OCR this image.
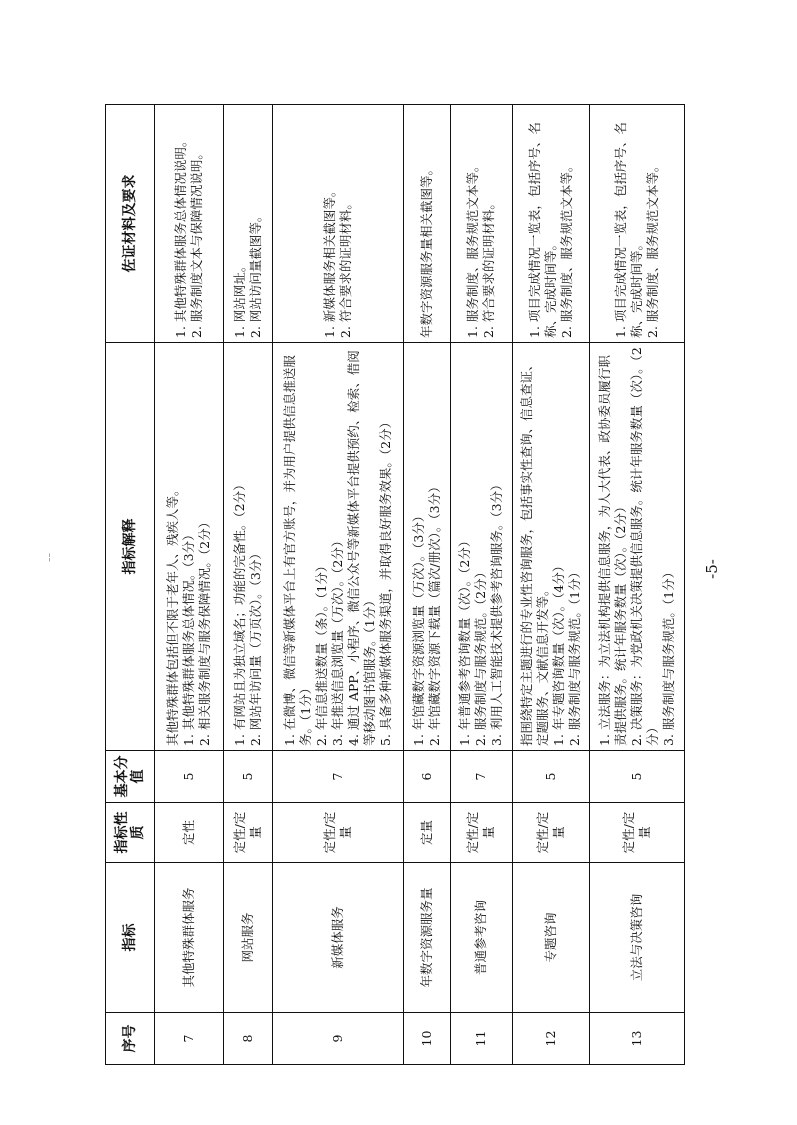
¦
序号	指标	指标性质	基本分值	指标解释	佐证材料及要求
7	其他特殊群体服务	定性	5	其他特殊群体包括但不限于老年人、残疾人等。 1. 其他特殊群体服务总体情况。（3分） 2. 相关服务制度与服务保障情况。（2分）	1. 其他特殊群体服务总体情况说明。 2. 服务制度文本与保障情况说明。

8	网站服务	定性/定量	5	1. 有网站且为独立域名；功能的完备性。（2分） 2. 网站年访问量（万页次）。（3分）	1. 网站网址。 2. 网站访问量截图等。

9	新媒体服务	定性/定量	7	1. 在微博、微信等新媒体平台上有官方账号，并为用户提供信息推送服务。（1分） 2. 年信息推送数量（条）。（1分） 3. 年推送信息浏览量（万次）。（2分） 4. 通过 APP、小程序、微信公众号等新媒体平台提供预约、检索、借阅等移动图书馆服务。（1分） 5. 具备多种新媒体服务渠道，并取得良好服务效果。（2分）	1. 新媒体服务相关截图等。 2. 符合要求的证明材料。

10	年数字资源服务量	定量	6	1. 年馆藏数字资源浏览量（万次）。（3分） 2. 年馆藏数字资源下载量（篇次/册次）。（3分）	年数字资源服务量相关截图等。

11	普通参考咨询	定性/定量	7	1. 年普通参考咨询数量（次）。（2分） 2. 服务制度与服务规范。（2分） 3. 利用人工智能技术提供参考咨询服务。（3分）	1. 服务制度、服务规范文本等。 2. 符合要求的证明材料。

12	专题咨询	定性/定量	5	指围绕特定主题进行的专业性咨询服务，包括事实性查询、信息查证、定题服务、文献信息开发等。 1. 年专题咨询数量（次）。（4分） 2. 服务制度与服务规范。（1分）	1. 项目完成情况一览表，包括序号、名称、完成时间等。 2. 服务制度、服务规范文本等。

13	立法与决策咨询	定性/定量	5	1. 立法服务：为立法机构提供信息服务，为人大代表、政协委员履行职责提供服务。统计年服务数量（次）。（2分） 2. 决策服务：为党政机关决策提供信息服务。统计年服务数量（次）。（2分） 3. 服务制度与服务规范。（1分）	1. 项目完成情况一览表，包括序号、名称、完成时间等。 2. 服务制度、服务规范文本等。
-5-
